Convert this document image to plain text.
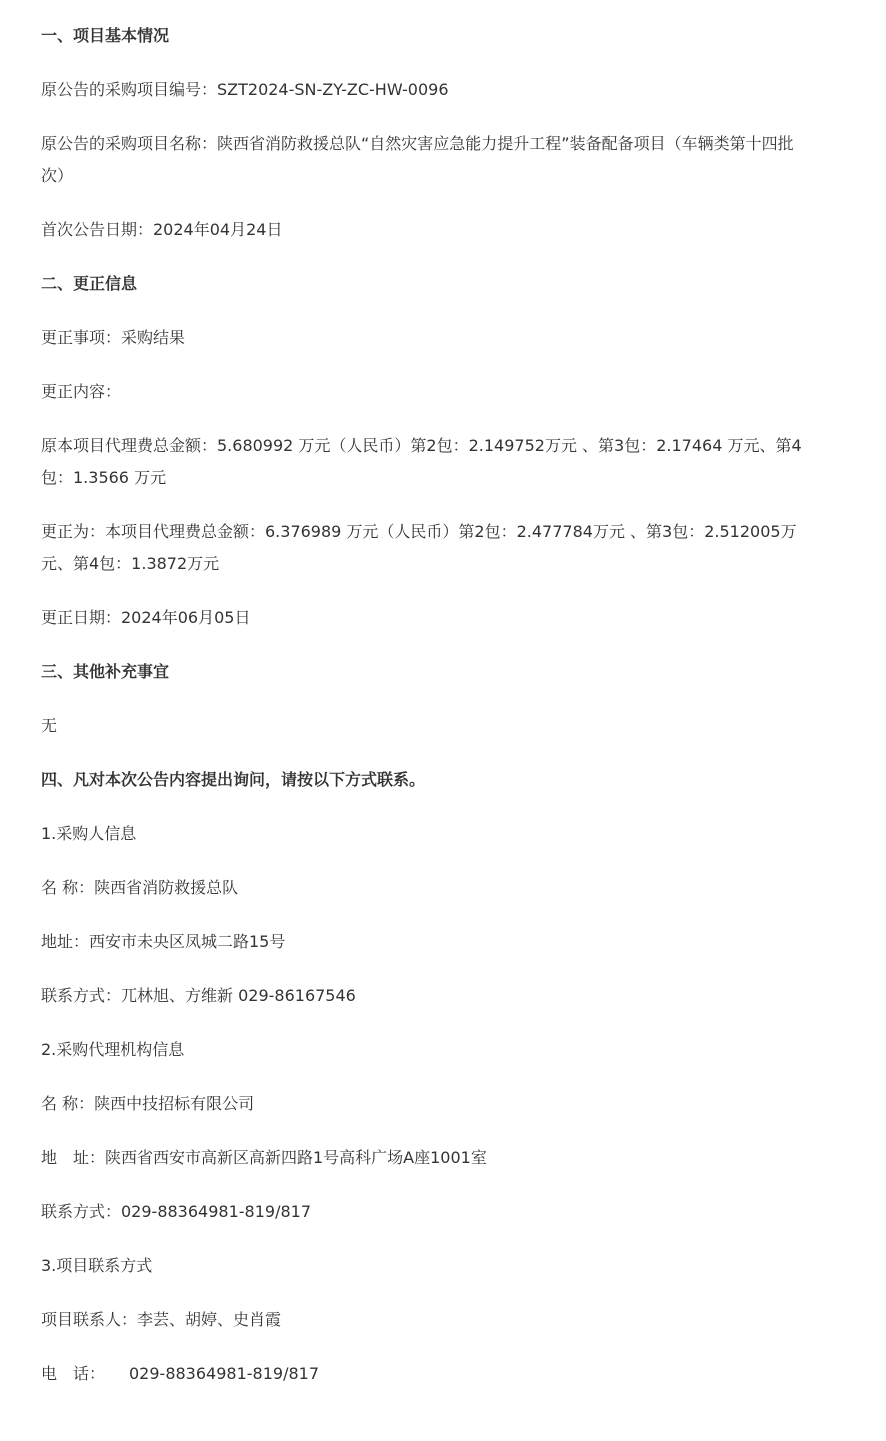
一、项目基本情况

原公告的采购项目编号：SZT2024-SN-ZY-ZC-HW-0096

原公告的采购项目名称：陕西省消防救援总队“自然灾害应急能力提升工程”装备配备项目（车辆类第十四批次）

首次公告日期：2024年04月24日

二、更正信息

更正事项：采购结果

更正内容：

原本项目代理费总金额：5.680992 万元（人民币）第2包：2.149752万元 、第3包：2.17464 万元、第4包：1.3566 万元

更正为：本项目代理费总金额：6.376989 万元（人民币）第2包：2.477784万元 、第3包：2.512005万元、第4包：1.3872万元

更正日期：2024年06月05日

三、其他补充事宜

无

四、凡对本次公告内容提出询问，请按以下方式联系。

1.采购人信息

名 称：陕西省消防救援总队

地址：西安市未央区凤城二路15号

联系方式：兀林旭、方维新 029-86167546

2.采购代理机构信息

名 称：陕西中技招标有限公司

地　址：陕西省西安市高新区高新四路1号高科广场A座1001室

联系方式：029-88364981-819/817

3.项目联系方式

项目联系人：李芸、胡婷、史肖霞

电　话：　　029-88364981-819/817
